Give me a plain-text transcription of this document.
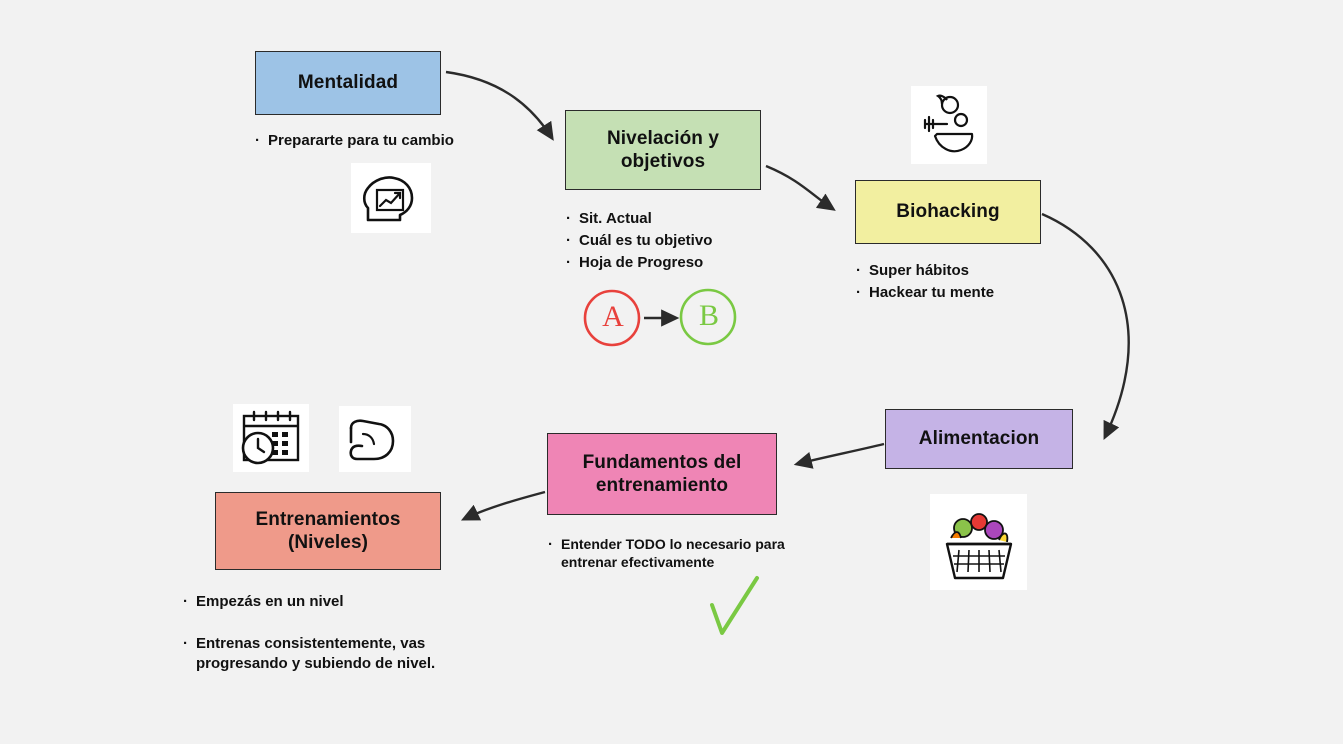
A	B
Mentalidad
Nivelación y objetivos
Biohacking
Alimentacion
Fundamentos del entrenamiento
Entrenamientos (Niveles)
· Prepararte para tu cambio
· Sit. Actual
· Cuál es tu objetivo
· Hoja de Progreso	· Super hábitos
· Hackear tu mente
· Entender TODO lo necesario para entrenar efectivamente
· Empezás en un nivel
· Entrenas consistentemente, vas progresando y subiendo de nivel.
